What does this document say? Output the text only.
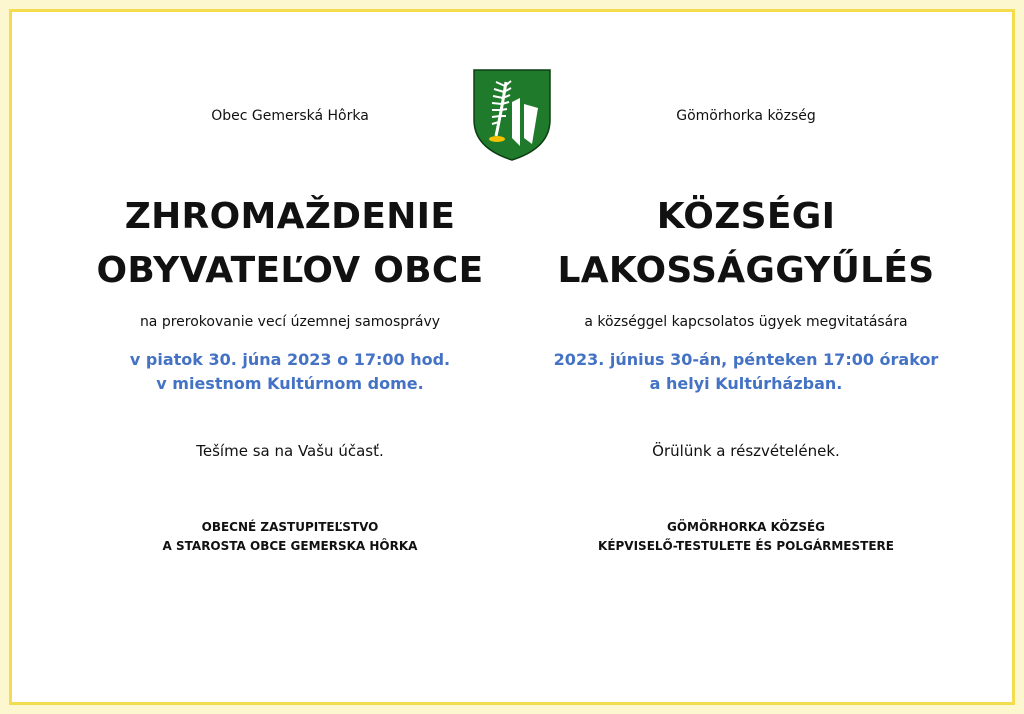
Obec Gemerská Hôrka
ZHROMAŽDENIE
OBYVATEĽOV OBCE
na prerokovanie vecí územnej samosprávy
v piatok 30. júna 2023 o 17:00 hod.
v miestnom Kultúrnom dome.
Tešíme sa na Vašu účasť.
OBECNÉ ZASTUPITEĽSTVO
A STAROSTA OBCE GEMERSKA HÔRKA
Gömörhorka község
KÖZSÉGI
LAKOSSÁGGYŰLÉS
a községgel kapcsolatos ügyek megvitatására
2023. június 30-án, pénteken 17:00 órakor
a helyi Kultúrházban.
Örülünk a részvételének.
GÖMÖRHORKA KÖZSÉG
KÉPVISELŐ-TESTULETE ÉS POLGÁRMESTERE
